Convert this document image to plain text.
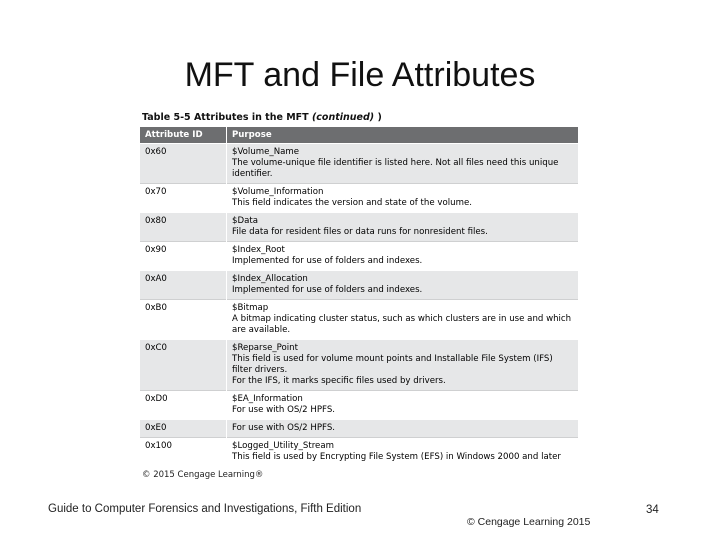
MFT and File Attributes
Table 5-5 Attributes in the MFT (continued) )
Attribute ID	Purpose
0x60	$Volume_Name
The volume-unique file identifier is listed here. Not all files need this unique identifier.

0x70	$Volume_Information
This field indicates the version and state of the volume.

0x80	$Data
File data for resident files or data runs for nonresident files.

0x90	$Index_Root
Implemented for use of folders and indexes.

0xA0	$Index_Allocation
Implemented for use of folders and indexes.

0xB0	$Bitmap
A bitmap indicating cluster status, such as which clusters are in use and which are available.

0xC0	$Reparse_Point
This field is used for volume mount points and Installable File System (IFS) filter drivers.
For the IFS, it marks specific files used by drivers.

0xD0	$EA_Information
For use with OS/2 HPFS.

0xE0	For use with OS/2 HPFS.

0x100	$Logged_Utility_Stream
This field is used by Encrypting File System (EFS) in Windows 2000 and later
© 2015 Cengage Learning®
Guide to Computer Forensics and Investigations, Fifth Edition
© Cengage Learning 2015
34
